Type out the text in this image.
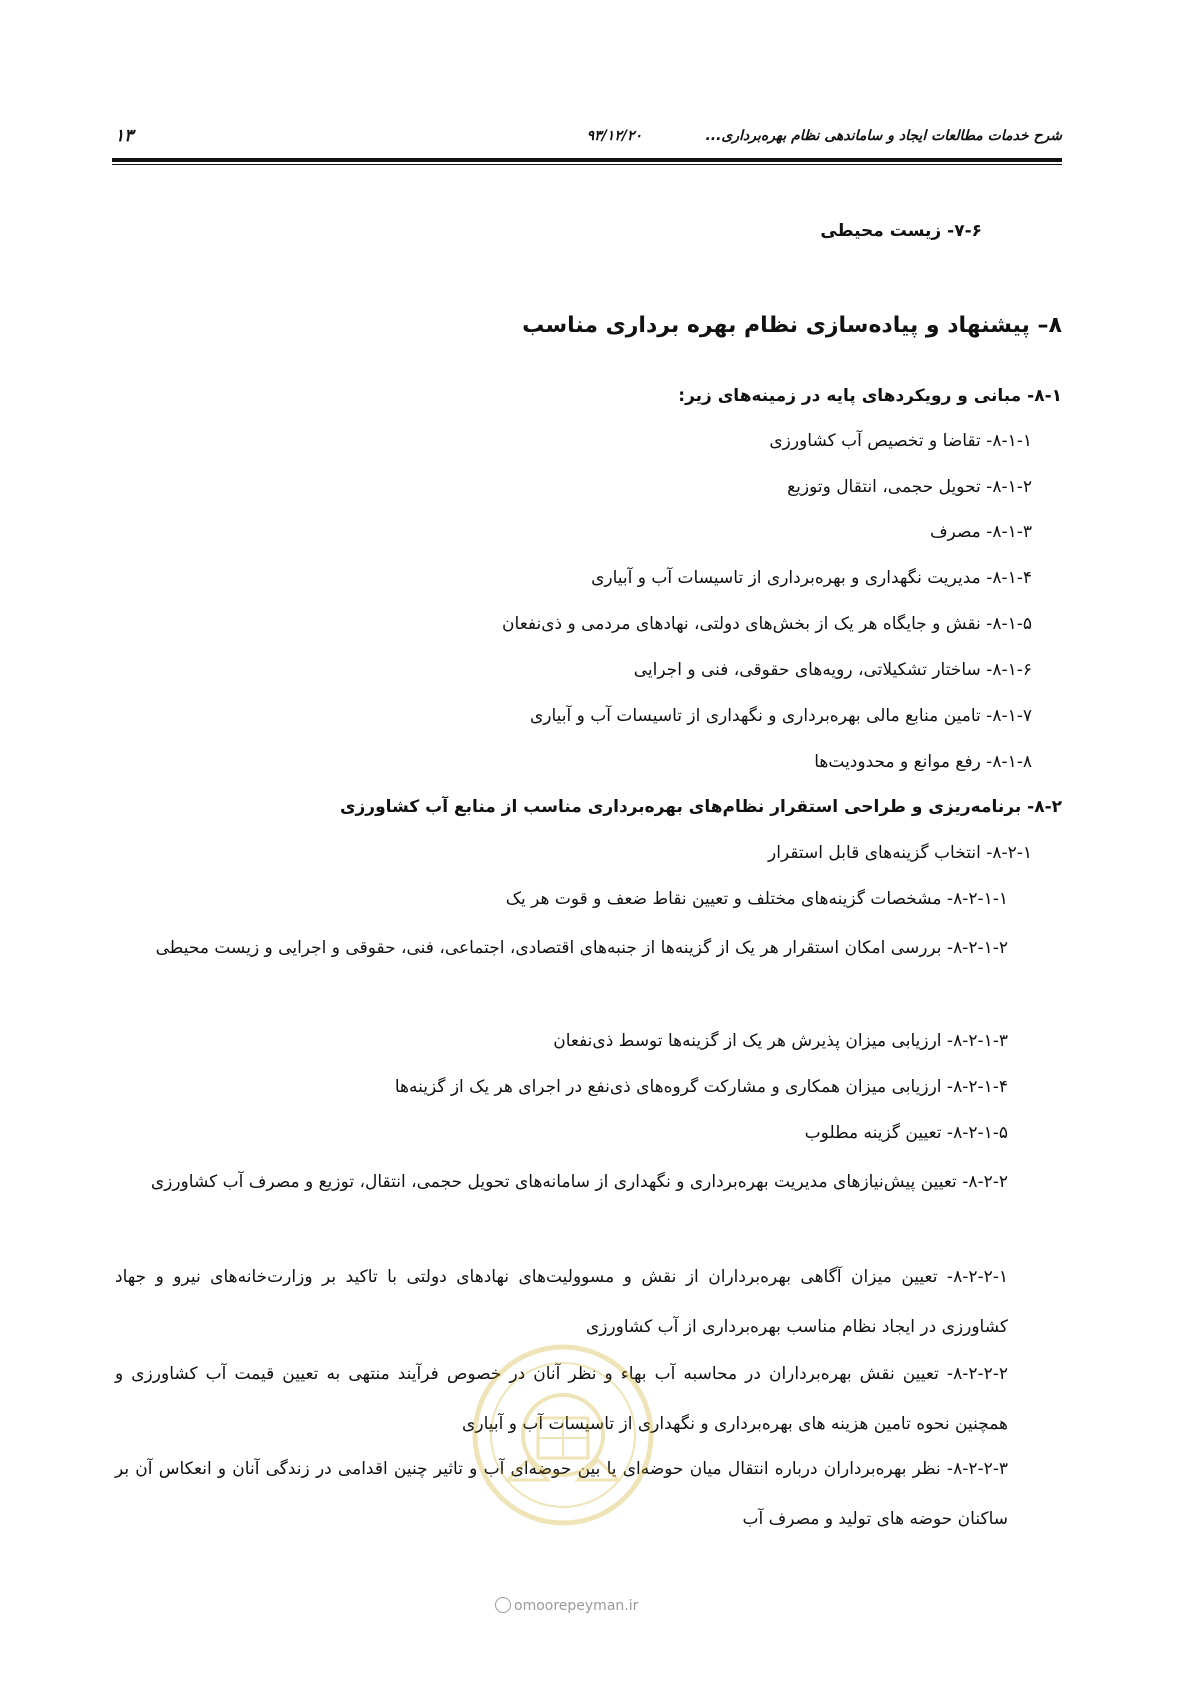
شرح خدمات مطالعات ایجاد و ساماندهی نظام بهره‌برداری...
۹۳/۱۲/۲۰
۱۳
۷-۶- زیست محیطی
۸– پیشنهاد و پیاده‌سازی نظام بهره برداری مناسب
۸-۱- مبانی و رویکردهای پایه در زمینه‌های زیر:
۸-۱-۱- تقاضا و تخصیص آب کشاورزی
۸-۱-۲- تحویل حجمی، انتقال وتوزیع
۸-۱-۳- مصرف
۸-۱-۴- مدیریت نگهداری و بهره‌برداری از تاسیسات آب و آبیاری
۸-۱-۵- نقش و جایگاه هر یک از بخش‌های دولتی، نهادهای مردمی و ذی‌نفعان
۸-۱-۶- ساختار تشکیلاتی، رویه‌های حقوقی، فنی و اجرایی
۸-۱-۷- تامین منابع مالی بهره‌برداری و نگهداری از تاسیسات آب و آبیاری
۸-۱-۸- رفع موانع و محدودیت‌ها
۸-۲- برنامه‌ریزی و طراحی استقرار نظام‌های بهره‌برداری مناسب از منابع آب کشاورزی
۸-۲-۱- انتخاب گزینه‌های قابل استقرار
۸-۲-۱-۱- مشخصات گزینه‌های مختلف و تعیین نقاط ضعف و قوت هر یک
۸-۲-۱-۲- بررسی امکان استقرار هر یک از گزینه‌ها از جنبه‌های اقتصادی، اجتماعی، فنی، حقوقی و اجرایی و زیست محیطی
۸-۲-۱-۳- ارزیابی میزان پذیرش هر یک از گزینه‌ها توسط ذی‌نفعان
۸-۲-۱-۴- ارزیابی میزان همکاری و مشارکت گروه‌های ذی‌نفع در اجرای هر یک از گزینه‌ها
۸-۲-۱-۵- تعیین گزینه مطلوب
۸-۲-۲- تعیین پیش‌نیازهای مدیریت بهره‌برداری و نگهداری از سامانه‌های تحویل حجمی، انتقال، توزیع و مصرف آب کشاورزی
۸-۲-۲-۱- تعیین میزان آگاهی بهره‌برداران از نقش و مسوولیت‌های نهادهای دولتی با تاکید بر وزارت‌خانه‌های نیرو و جهاد کشاورزی در ایجاد نظام مناسب بهره‌برداری از آب کشاورزی
۸-۲-۲-۲- تعیین نقش بهره‌برداران در محاسبه آب بهاء و نظر آنان در خصوص فرآیند منتهی به تعیین قیمت آب کشاورزی و همچنین نحوه تامین هزینه های بهره‌برداری و نگهداری از تاسیسات آب و آبیاری
۸-۲-۲-۳- نظر بهره‌برداران درباره انتقال میان حوضه‌ای یا بین حوضه‌ای آب و تاثیر چنین اقدامی در زندگی آنان و انعکاس آن بر ساکنان حوضه های تولید و مصرف آب
omoorepeyman.ir
